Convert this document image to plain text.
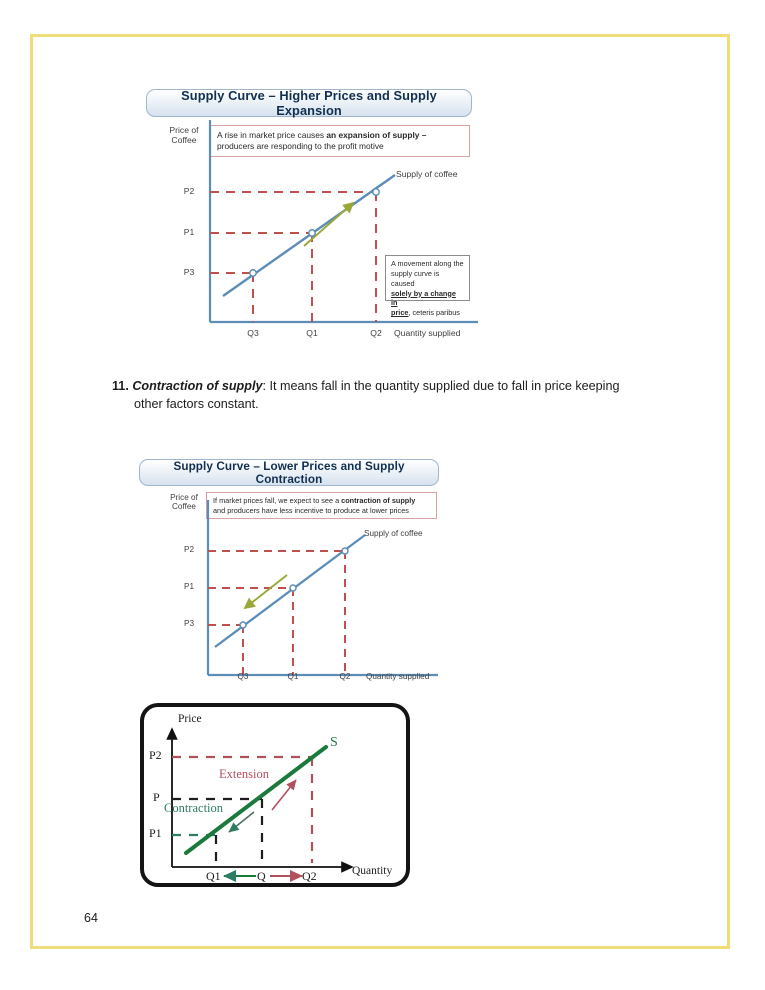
Supply Curve – Higher Prices and Supply Expansion
Price of
Coffee	A rise in market price causes an expansion of supply –
producers are responding to the profit motive
A movement along the
supply curve is caused
solely by a change in
price, ceteris paribus
P2
P1
P3
Q3	Q1	Q2	Quantity supplied
Supply of coffee
11. Contraction of supply: It means fall in the quantity supplied due to fall in price keeping
other factors constant.
Supply Curve – Lower Prices and Supply Contraction
Price of
Coffee
If market prices fall, we expect to see a contraction of supply
and producers have less incentive to produce at lower prices
P2
P1
P3
Q3	Q1	Q2	Quantity supplied
Supply of coffee
Price
Quantity
S
Extension
Contraction
P2
P
P1
Q1	Q	Q2
64
